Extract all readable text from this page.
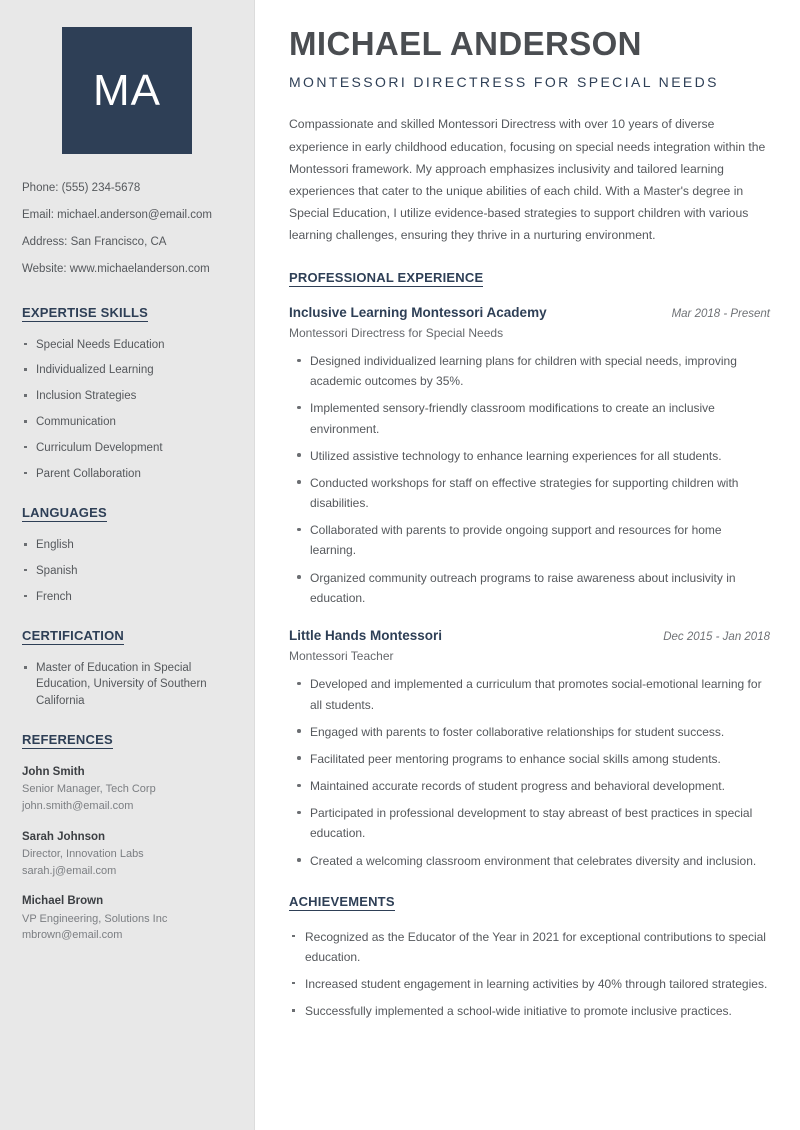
MA
Phone: (555) 234-5678
Email: michael.anderson@email.com
Address: San Francisco, CA
Website: www.michaelanderson.com
EXPERTISE SKILLS
Special Needs Education
Individualized Learning
Inclusion Strategies
Communication
Curriculum Development
Parent Collaboration
LANGUAGES
English
Spanish
French
CERTIFICATION
Master of Education in Special Education, University of Southern California
REFERENCES
John Smith
Senior Manager, Tech Corp
john.smith@email.com
Sarah Johnson
Director, Innovation Labs
sarah.j@email.com
Michael Brown
VP Engineering, Solutions Inc
mbrown@email.com
MICHAEL ANDERSON
MONTESSORI DIRECTRESS FOR SPECIAL NEEDS

Compassionate and skilled Montessori Directress with over 10 years of diverse experience in early childhood education, focusing on special needs integration within the Montessori framework. My approach emphasizes inclusivity and tailored learning experiences that cater to the unique abilities of each child. With a Master's degree in Special Education, I utilize evidence-based strategies to support children with various learning challenges, ensuring they thrive in a nurturing environment.

PROFESSIONAL EXPERIENCE
Inclusive Learning Montessori Academy	Mar 2018 - Present
Montessori Directress for Special Needs
Designed individualized learning plans for children with special needs, improving academic outcomes by 35%.
Implemented sensory-friendly classroom modifications to create an inclusive environment.
Utilized assistive technology to enhance learning experiences for all students.
Conducted workshops for staff on effective strategies for supporting children with disabilities.
Collaborated with parents to provide ongoing support and resources for home learning.
Organized community outreach programs to raise awareness about inclusivity in education.
Little Hands Montessori	Dec 2015 - Jan 2018
Montessori Teacher
Developed and implemented a curriculum that promotes social-emotional learning for all students.
Engaged with parents to foster collaborative relationships for student success.
Facilitated peer mentoring programs to enhance social skills among students.
Maintained accurate records of student progress and behavioral development.
Participated in professional development to stay abreast of best practices in special education.
Created a welcoming classroom environment that celebrates diversity and inclusion.
ACHIEVEMENTS
Recognized as the Educator of the Year in 2021 for exceptional contributions to special education.
Increased student engagement in learning activities by 40% through tailored strategies.
Successfully implemented a school-wide initiative to promote inclusive practices.
